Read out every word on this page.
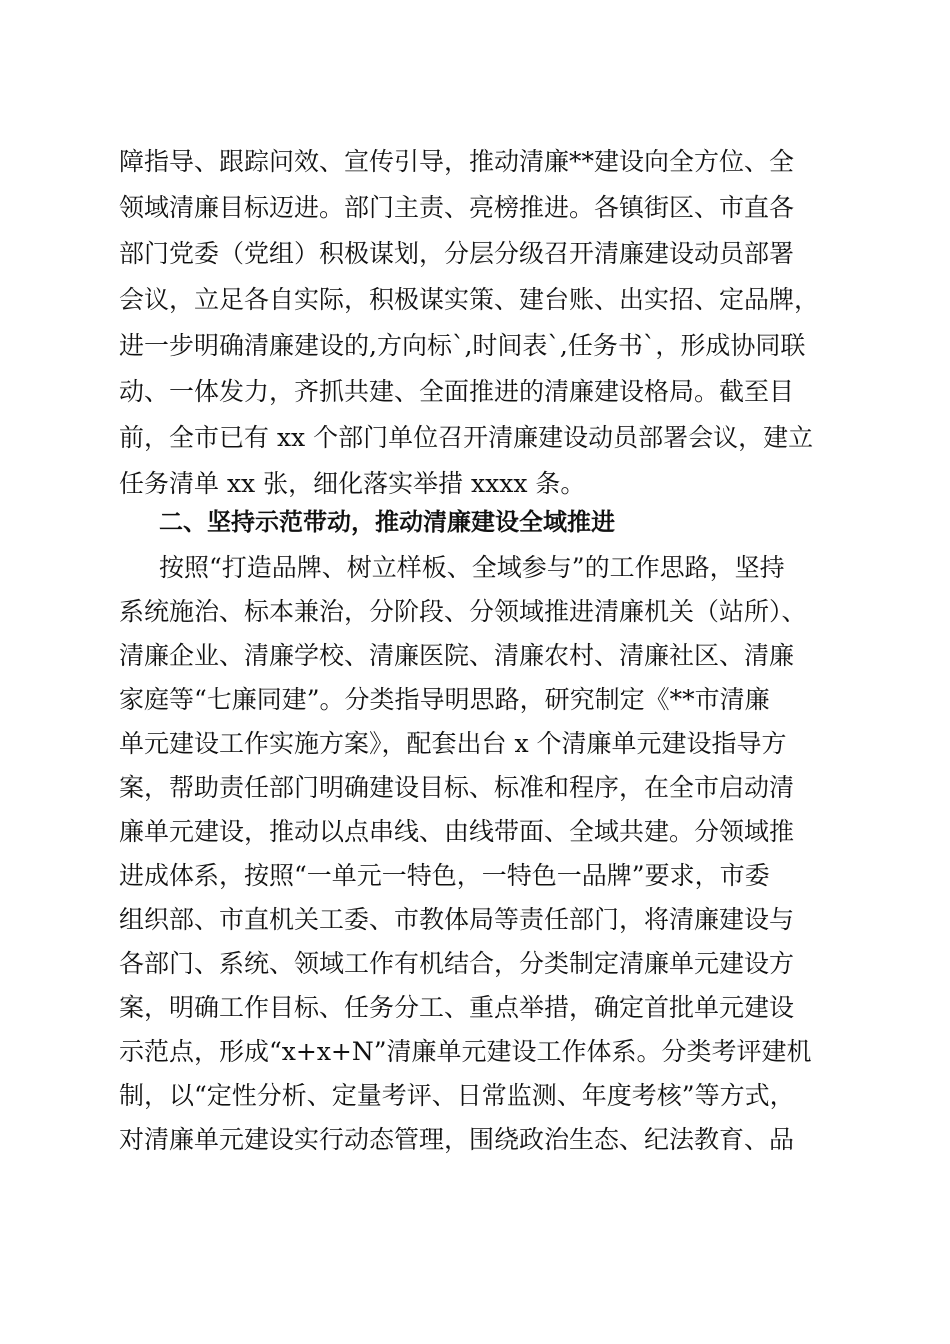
障指导、跟踪问效、宣传引导，推动清廉**建设向全方位、全
领域清廉目标迈进。部门主责、亮榜推进。各镇街区、市直各
部门党委（党组）积极谋划，分层分级召开清廉建设动员部署
会议，立足各自实际，积极谋实策、建台账、出实招、定品牌，
进一步明确清廉建设的,方向标`,时间表`,任务书`，形成协同联
动、一体发力，齐抓共建、全面推进的清廉建设格局。截至目
前，全市已有 xx 个部门单位召开清廉建设动员部署会议，建立
任务清单 xx 张，细化落实举措 xxxx 条。
二、坚持示范带动，推动清廉建设全域推进
按照“打造品牌、树立样板、全域参与”的工作思路，坚持
系统施治、标本兼治，分阶段、分领域推进清廉机关（站所）、
清廉企业、清廉学校、清廉医院、清廉农村、清廉社区、清廉
家庭等“七廉同建”。分类指导明思路，研究制定《**市清廉
单元建设工作实施方案》，配套出台 x 个清廉单元建设指导方
案，帮助责任部门明确建设目标、标准和程序，在全市启动清
廉单元建设，推动以点串线、由线带面、全域共建。分领域推
进成体系，按照“一单元一特色，一特色一品牌”要求，市委
组织部、市直机关工委、市教体局等责任部门，将清廉建设与
各部门、系统、领域工作有机结合，分类制定清廉单元建设方
案，明确工作目标、任务分工、重点举措，确定首批单元建设
示范点，形成“x+x+N”清廉单元建设工作体系。分类考评建机
制，以“定性分析、定量考评、日常监测、年度考核”等方式，
对清廉单元建设实行动态管理，围绕政治生态、纪法教育、品
